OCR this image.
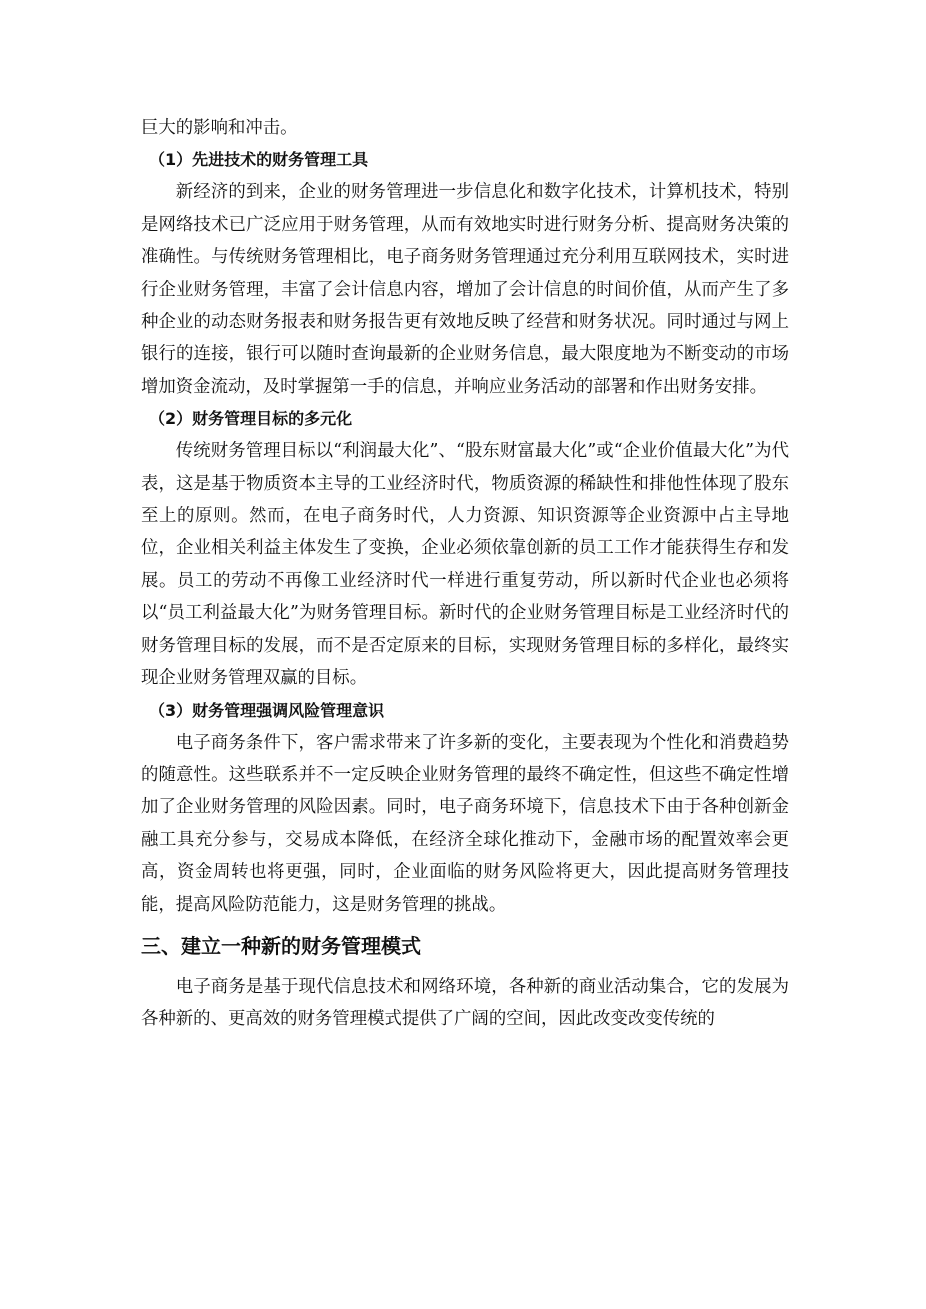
巨大的影响和冲击。

（1）先进技术的财务管理工具

新经济的到来，企业的财务管理进一步信息化和数字化技术，计算机技术，特别是网络技术已广泛应用于财务管理，从而有效地实时进行财务分析、提高财务决策的准确性。与传统财务管理相比，电子商务财务管理通过充分利用互联网技术，实时进行企业财务管理，丰富了会计信息内容，增加了会计信息的时间价值，从而产生了多种企业的动态财务报表和财务报告更有效地反映了经营和财务状况。同时通过与网上银行的连接，银行可以随时查询最新的企业财务信息，最大限度地为不断变动的市场增加资金流动，及时掌握第一手的信息，并响应业务活动的部署和作出财务安排。

（2）财务管理目标的多元化

传统财务管理目标以“利润最大化”、“股东财富最大化”或“企业价值最大化”为代表，这是基于物质资本主导的工业经济时代，物质资源的稀缺性和排他性体现了股东至上的原则。然而，在电子商务时代，人力资源、知识资源等企业资源中占主导地位，企业相关利益主体发生了变换，企业必须依靠创新的员工工作才能获得生存和发展。员工的劳动不再像工业经济时代一样进行重复劳动，所以新时代企业也必须将以“员工利益最大化”为财务管理目标。新时代的企业财务管理目标是工业经济时代的财务管理目标的发展，而不是否定原来的目标，实现财务管理目标的多样化，最终实现企业财务管理双赢的目标。

（3）财务管理强调风险管理意识

电子商务条件下，客户需求带来了许多新的变化，主要表现为个性化和消费趋势的随意性。这些联系并不一定反映企业财务管理的最终不确定性，但这些不确定性增加了企业财务管理的风险因素。同时，电子商务环境下，信息技术下由于各种创新金融工具充分参与，交易成本降低，在经济全球化推动下，金融市场的配置效率会更高，资金周转也将更强，同时，企业面临的财务风险将更大，因此提高财务管理技能，提高风险防范能力，这是财务管理的挑战。

三、建立一种新的财务管理模式

电子商务是基于现代信息技术和网络环境，各种新的商业活动集合，它的发展为各种新的、更高效的财务管理模式提供了广阔的空间，因此改变改变传统的
